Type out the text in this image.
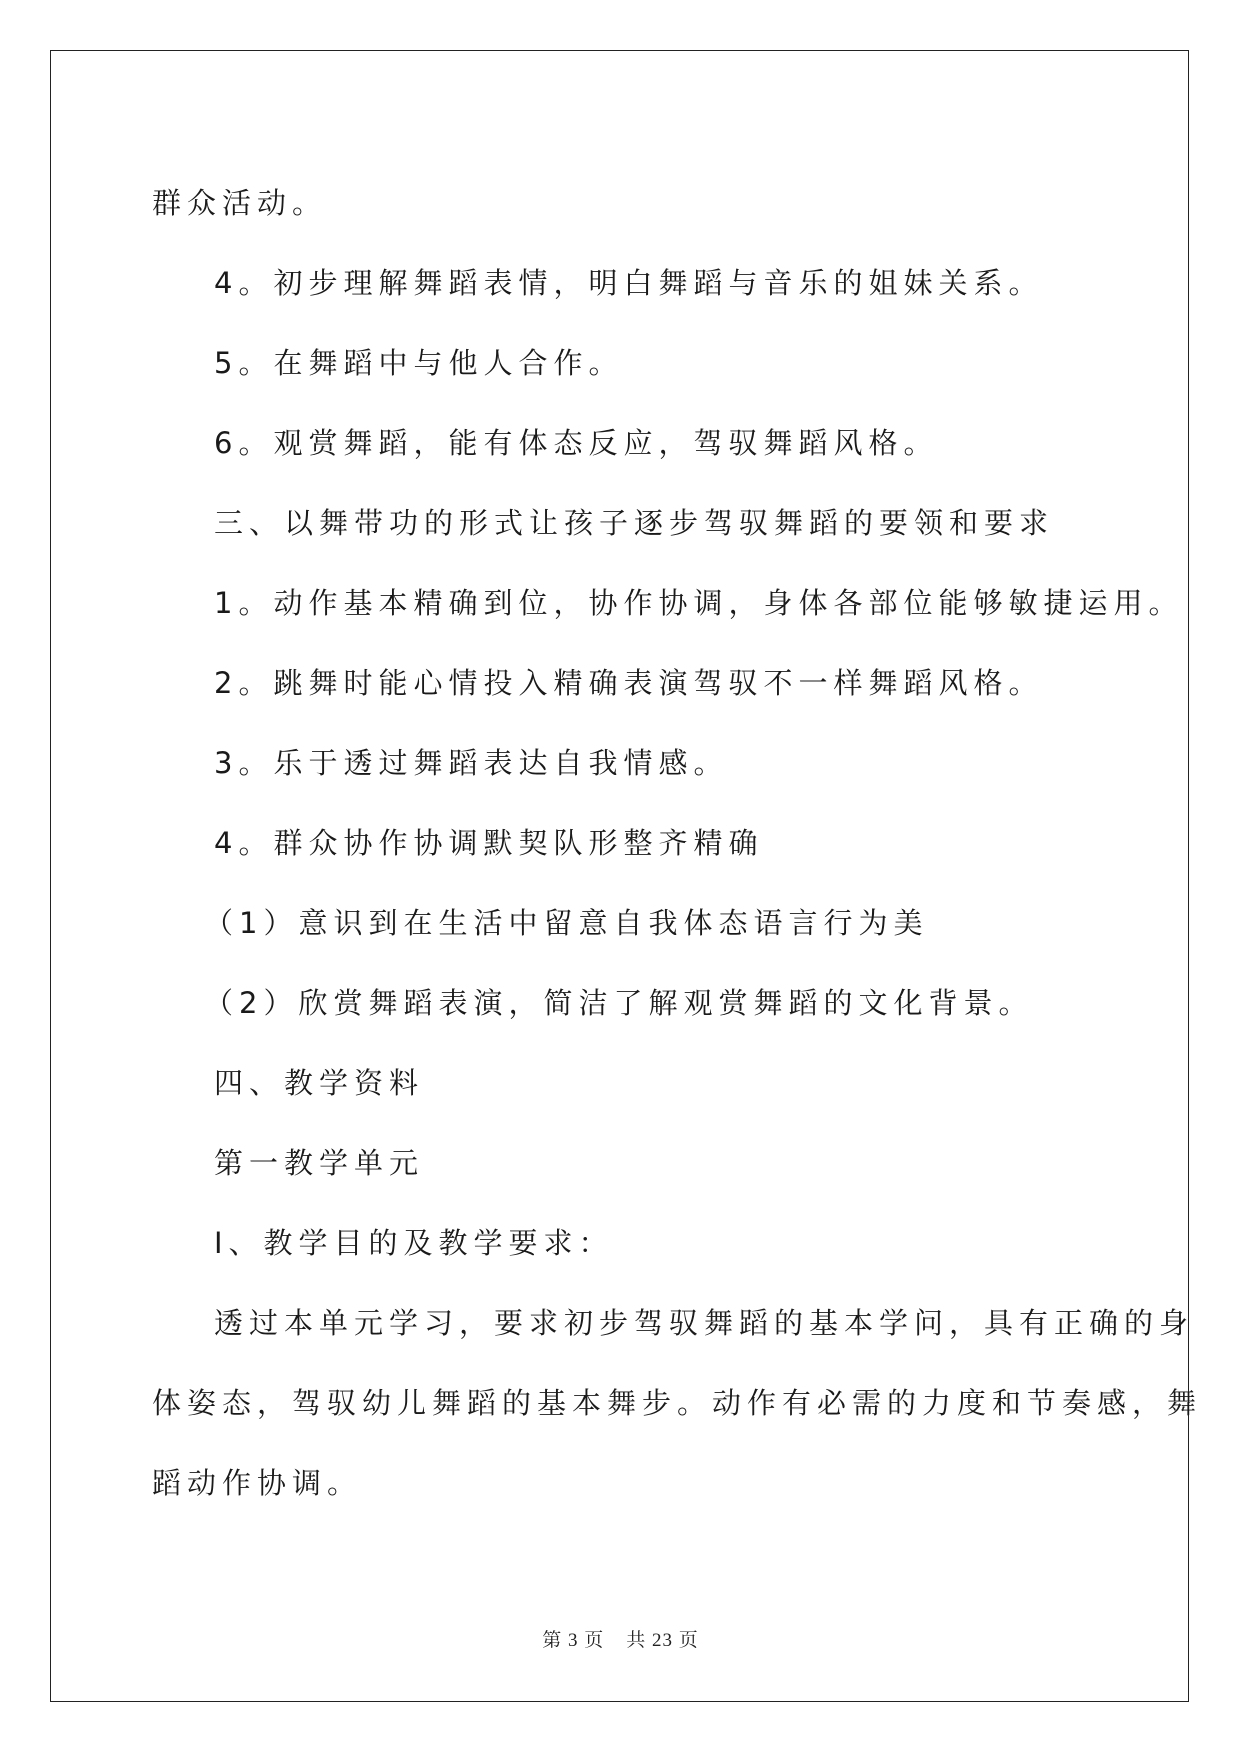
群众活动。

4。初步理解舞蹈表情，明白舞蹈与音乐的姐妹关系。

5。在舞蹈中与他人合作。

6。观赏舞蹈，能有体态反应，驾驭舞蹈风格。

三、以舞带功的形式让孩子逐步驾驭舞蹈的要领和要求

1。动作基本精确到位，协作协调，身体各部位能够敏捷运用。

2。跳舞时能心情投入精确表演驾驭不一样舞蹈风格。

3。乐于透过舞蹈表达自我情感。

4。群众协作协调默契队形整齐精确

（1）意识到在生活中留意自我体态语言行为美

（2）欣赏舞蹈表演，简洁了解观赏舞蹈的文化背景。

四、教学资料

第一教学单元

Ⅰ、教学目的及教学要求：

透过本单元学习，要求初步驾驭舞蹈的基本学问，具有正确的身

体姿态，驾驭幼儿舞蹈的基本舞步。动作有必需的力度和节奏感，舞

蹈动作协调。

第 3 页 共 23 页
